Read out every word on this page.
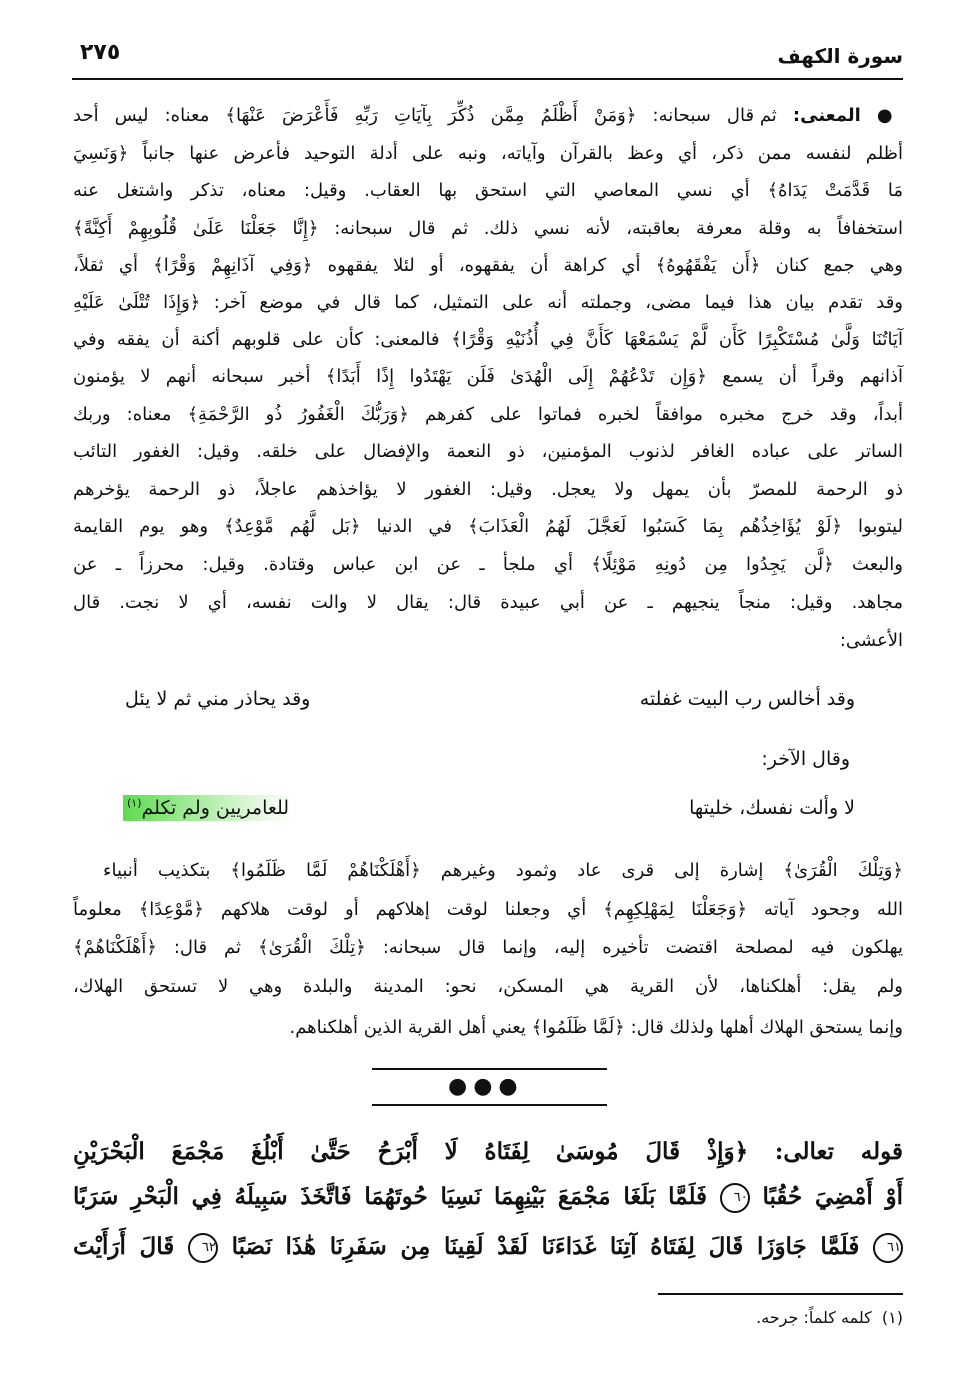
سورة الكهف
٢٧٥
● المعنى: ثم قال سبحانه: ﴿وَمَنْ أَظْلَمُ مِمَّن ذُكِّرَ بِآيَاتِ رَبِّهِ فَأَعْرَضَ عَنْهَا﴾ معناه: ليس أحد
أظلم لنفسه ممن ذكر، أي وعظ بالقرآن وآياته، ونبه على أدلة التوحيد فأعرض عنها جانباً ﴿وَنَسِيَ
مَا قَدَّمَتْ يَدَاهُ﴾ أي نسي المعاصي التي استحق بها العقاب. وقيل: معناه، تذكر واشتغل عنه
استخفافاً به وقلة معرفة بعاقبته، لأنه نسي ذلك. ثم قال سبحانه: ﴿إِنَّا جَعَلْنَا عَلَىٰ قُلُوبِهِمْ أَكِنَّةً﴾
وهي جمع كنان ﴿أَن يَفْقَهُوهُ﴾ أي كراهة أن يفقهوه، أو لئلا يفقهوه ﴿وَفِي آذَانِهِمْ وَقْرًا﴾ أي ثقلاً،
وقد تقدم بيان هذا فيما مضى، وجملته أنه على التمثيل، كما قال في موضع آخر: ﴿وَإِذَا تُتْلَىٰ عَلَيْهِ
آيَاتُنَا وَلَّىٰ مُسْتَكْبِرًا كَأَن لَّمْ يَسْمَعْهَا كَأَنَّ فِي أُذُنَيْهِ وَقْرًا﴾ فالمعنى: كأن على قلوبهم أكنة أن يفقه وفي
آذانهم وقراً أن يسمع ﴿وَإِن تَدْعُهُمْ إِلَى الْهُدَىٰ فَلَن يَهْتَدُوا إِذًا أَبَدًا﴾ أخبر سبحانه أنهم لا يؤمنون
أبداً، وقد خرج مخبره موافقاً لخبره فماتوا على كفرهم ﴿وَرَبُّكَ الْغَفُورُ ذُو الرَّحْمَةِ﴾ معناه: وربك
الساتر على عباده الغافر لذنوب المؤمنين، ذو النعمة والإفضال على خلقه. وقيل: الغفور التائب
ذو الرحمة للمصرّ بأن يمهل ولا يعجل. وقيل: الغفور لا يؤاخذهم عاجلاً، ذو الرحمة يؤخرهم
ليتوبوا ﴿لَوْ يُؤَاخِذُهُم بِمَا كَسَبُوا لَعَجَّلَ لَهُمُ الْعَذَابَ﴾ في الدنيا ﴿بَل لَّهُم مَّوْعِدٌ﴾ وهو يوم القايمة
والبعث ﴿لَّن يَجِدُوا مِن دُونِهِ مَوْئِلًا﴾ أي ملجأ ـ عن ابن عباس وقتادة. وقيل: محرزاً ـ عن
مجاهد. وقيل: منجاً ينجيهم ـ عن أبي عبيدة قال: يقال لا والت نفسه، أي لا نجت. قال
الأعشى:
وقد أخالس رب البيت غفلته
وقد يحاذر مني ثم لا يئل
وقال الآخر:
لا وألت نفسك، خليتها
للعامريين ولم تكلم$^{(١)}$
﴿وَتِلْكَ الْقُرَىٰ﴾ إشارة إلى قرى عاد وثمود وغيرهم ﴿أَهْلَكْنَاهُمْ لَمَّا ظَلَمُوا﴾ بتكذيب أنبياء
الله وجحود آياته ﴿وَجَعَلْنَا لِمَهْلِكِهِم﴾ أي وجعلنا لوقت إهلاكهم أو لوقت هلاكهم ﴿مَّوْعِدًا﴾ معلوماً
يهلكون فيه لمصلحة اقتضت تأخيره إليه، وإنما قال سبحانه: ﴿تِلْكَ الْقُرَىٰ﴾ ثم قال: ﴿أَهْلَكْنَاهُمْ﴾
ولم يقل: أهلكناها، لأن القرية هي المسكن، نحو: المدينة والبلدة وهي لا تستحق الهلاك،
وإنما يستحق الهلاك أهلها ولذلك قال: ﴿لَمَّا ظَلَمُوا﴾ يعني أهل القرية الذين أهلكناهم.
●●●
قوله تعالى: ﴿وَإِذْ قَالَ مُوسَىٰ لِفَتَاهُ لَا أَبْرَحُ حَتَّىٰ أَبْلُغَ مَجْمَعَ الْبَحْرَيْنِ
أَوْ أَمْضِيَ حُقُبًا ٦٠ فَلَمَّا بَلَغَا مَجْمَعَ بَيْنِهِمَا نَسِيَا حُوتَهُمَا فَاتَّخَذَ سَبِيلَهُ فِي الْبَحْرِ سَرَبًا
٦١ فَلَمَّا جَاوَزَا قَالَ لِفَتَاهُ آتِنَا غَدَاءَنَا لَقَدْ لَقِينَا مِن سَفَرِنَا هَٰذَا نَصَبًا ٦٢ قَالَ أَرَأَيْتَ
(١)  كلمه كلماً: جرحه.
